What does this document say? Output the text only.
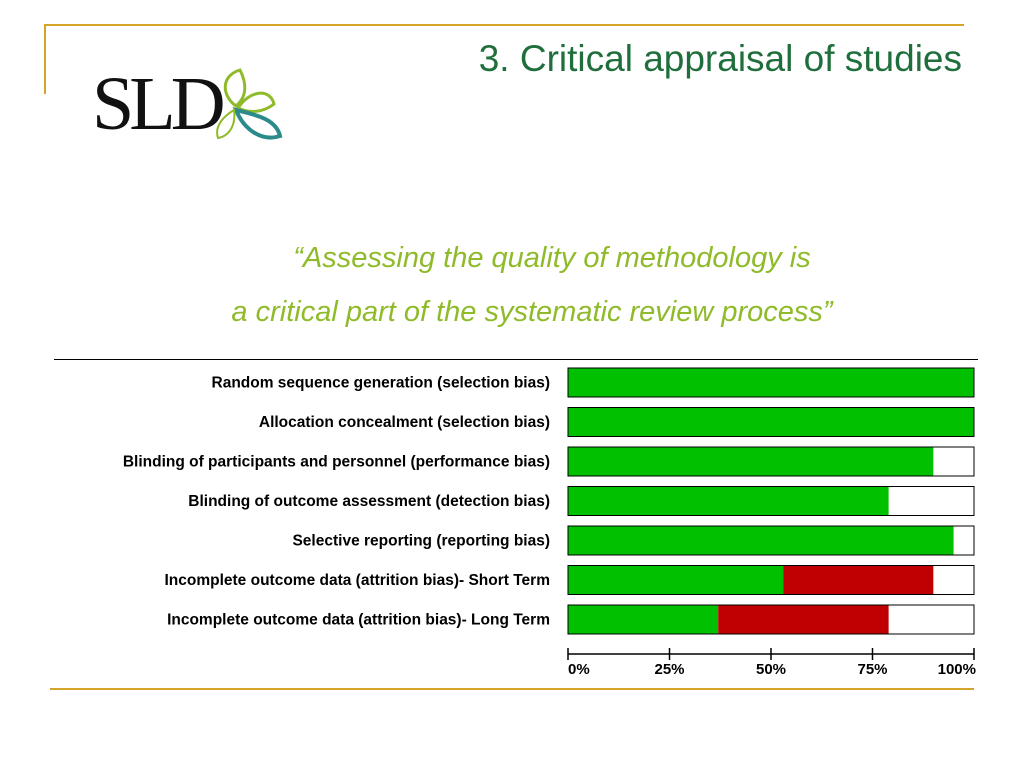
SLD
3. Critical appraisal of studies
“Assessing the quality of methodology is
a critical part of the systematic review process”
Random sequence generation (selection bias)
Allocation concealment (selection bias)
Blinding of participants and personnel (performance bias)
Blinding of outcome assessment (detection bias)
Selective reporting (reporting bias)
Incomplete outcome data (attrition bias)- Short Term
Incomplete outcome data (attrition bias)- Long Term
0%	25%	50%	75%	100%
